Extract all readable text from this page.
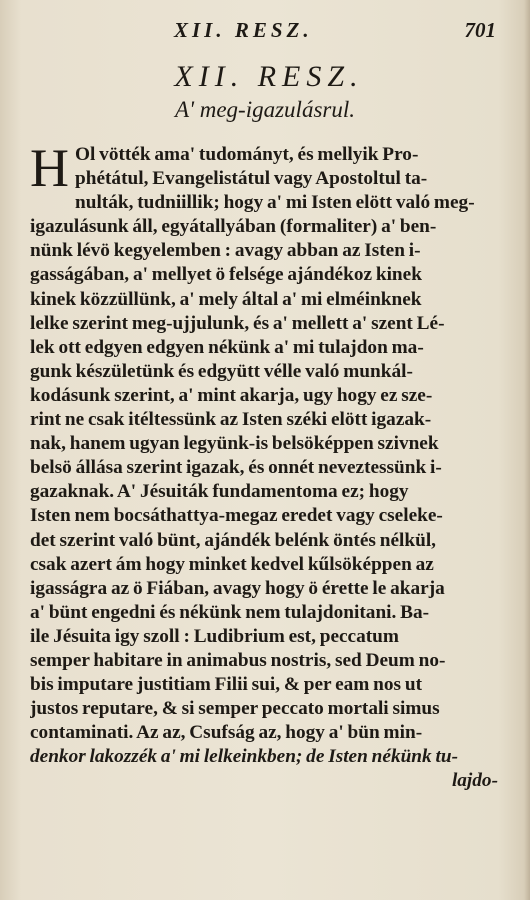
XII. RESZ.	701
XII. RESZ.
A' meg-igazulásrul.
H Ol vötték ama' tudományt, és mellyik Pro-
phétátul, Evangelistátul vagy Apostoltul ta-
nulták, tudniillik; hogy a' mi Isten elött való meg-
igazulásunk áll, egyátallyában (formaliter) a' ben-
nünk lévö kegyelemben : avagy abban az Isten i-
gasságában, a' mellyet ö felsége ajándékoz kinek
kinek közzüllünk, a' mely által a' mi elméinknek
lelke szerint meg-ujjulunk, és a' mellett a' szent Lé-
lek ott edgyen edgyen nékünk a' mi tulajdon ma-
gunk készületünk és edgyütt vélle való munkál-
kodásunk szerint, a' mint akarja, ugy hogy ez sze-
rint ne csak itéltessünk az Isten széki elött igazak-
nak, hanem ugyan legyünk-is belsöképpen szivnek
belsö állása szerint igazak, és onnét neveztessünk i-
gazaknak. A' Jésuiták fundamentoma ez; hogy
Isten nem bocsáthattya-megaz eredet vagy cseleke-
det szerint való bünt, ajándék belénk öntés nélkül,
csak azert ám hogy minket kedvel kűlsöképpen az
igasságra az ö Fiában, avagy hogy ö érette le akarja
a' bünt engedni és nékünk nem tulajdonitani. Ba-
ile Jésuita igy szoll : Ludibrium est, peccatum
semper habitare in animabus nostris, sed Deum no-
bis imputare justitiam Filii sui, & per eam nos ut
justos reputare, & si semper peccato mortali simus
contaminati. Az az, Csufság az, hogy a' bün min-
denkor lakozzék a' mi lelkeinkben; de Isten nékünk tu-
lajdo-
